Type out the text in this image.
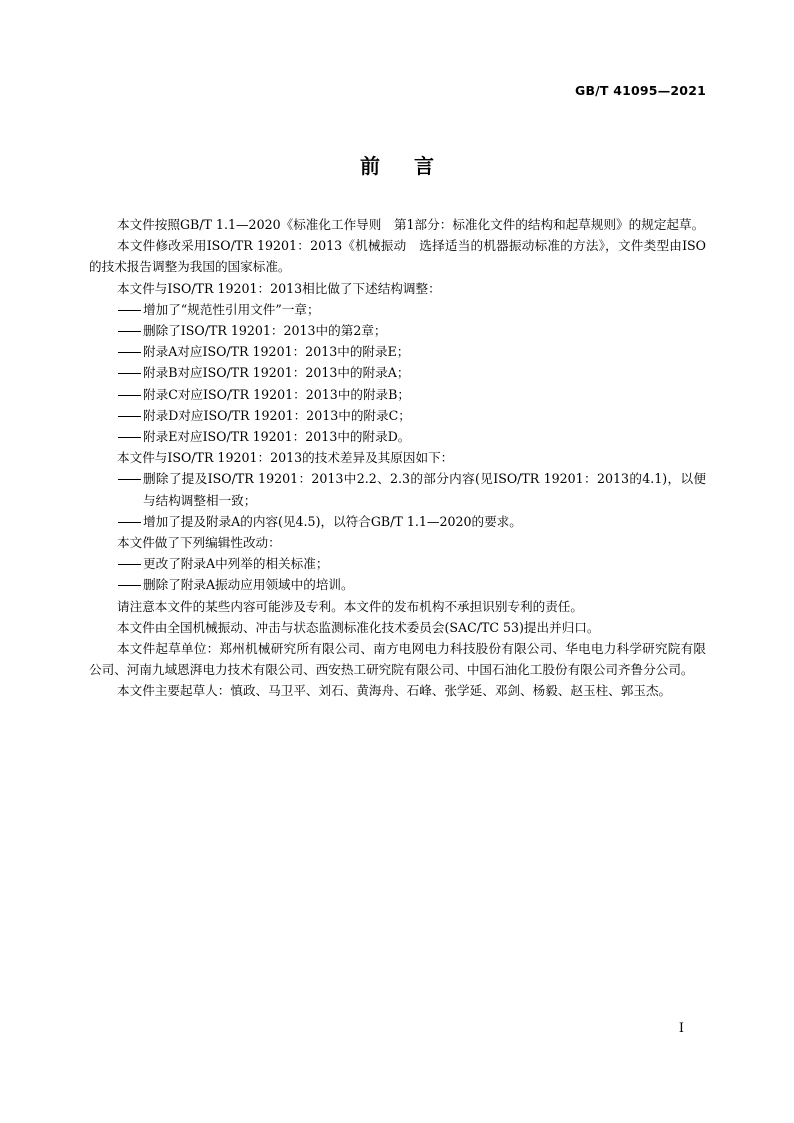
GB/T 41095—2021
前言

本文件按照GB/T 1.1—2020《标准化工作导则　第1部分：标准化文件的结构和起草规则》的规定起草。

本文件修改采用ISO/TR 19201：2013《机械振动　选择适当的机器振动标准的方法》，文件类型由ISO的技术报告调整为我国的国家标准。

本文件与ISO/TR 19201：2013相比做了下述结构调整：

增加了“规范性引用文件”一章；

删除了ISO/TR 19201：2013中的第2章；

附录A对应ISO/TR 19201：2013中的附录E；

附录B对应ISO/TR 19201：2013中的附录A；

附录C对应ISO/TR 19201：2013中的附录B；

附录D对应ISO/TR 19201：2013中的附录C；

附录E对应ISO/TR 19201：2013中的附录D。

本文件与ISO/TR 19201：2013的技术差异及其原因如下：

删除了提及ISO/TR 19201：2013中2.2、2.3的部分内容(见ISO/TR 19201：2013的4.1)，以便与结构调整相一致；

增加了提及附录A的内容(见4.5)，以符合GB/T 1.1—2020的要求。

本文件做了下列编辑性改动：

更改了附录A中列举的相关标准；

删除了附录A振动应用领域中的培训。

请注意本文件的某些内容可能涉及专利。本文件的发布机构不承担识别专利的责任。

本文件由全国机械振动、冲击与状态监测标准化技术委员会(SAC/TC 53)提出并归口。

本文件起草单位：郑州机械研究所有限公司、南方电网电力科技股份有限公司、华电电力科学研究院有限公司、河南九域恩湃电力技术有限公司、西安热工研究院有限公司、中国石油化工股份有限公司齐鲁分公司。

本文件主要起草人：慎政、马卫平、刘石、黄海舟、石峰、张学延、邓剑、杨毅、赵玉柱、郭玉杰。

I
